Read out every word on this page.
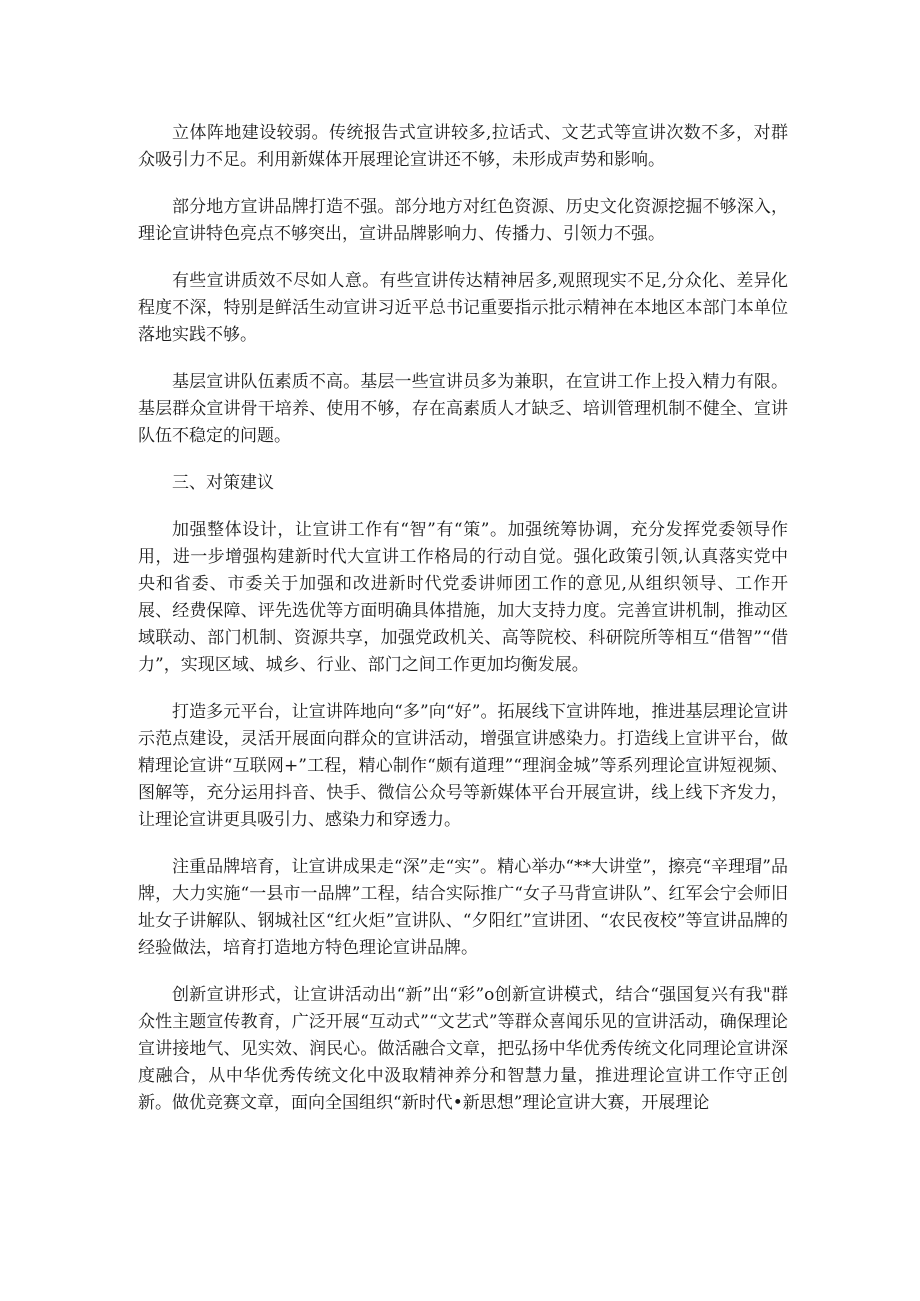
立体阵地建设较弱。传统报告式宣讲较多,拉话式、文艺式等宣讲次数不多，对群众吸引力不足。利用新媒体开展理论宣讲还不够，未形成声势和影响。

部分地方宣讲品牌打造不强。部分地方对红色资源、历史文化资源挖掘不够深入，理论宣讲特色亮点不够突出，宣讲品牌影响力、传播力、引领力不强。

有些宣讲质效不尽如人意。有些宣讲传达精神居多,观照现实不足,分众化、差异化程度不深，特别是鲜活生动宣讲习近平总书记重要指示批示精神在本地区本部门本单位落地实践不够。

基层宣讲队伍素质不高。基层一些宣讲员多为兼职，在宣讲工作上投入精力有限。基层群众宣讲骨干培养、使用不够，存在高素质人才缺乏、培训管理机制不健全、宣讲队伍不稳定的问题。

三、对策建议

加强整体设计，让宣讲工作有“智”有“策”。加强统筹协调，充分发挥党委领导作用，进一步增强构建新时代大宣讲工作格局的行动自觉。强化政策引领,认真落实党中央和省委、市委关于加强和改进新时代党委讲师团工作的意见,从组织领导、工作开展、经费保障、评先选优等方面明确具体措施，加大支持力度。完善宣讲机制，推动区域联动、部门机制、资源共享，加强党政机关、高等院校、科研院所等相互“借智”“借力”，实现区域、城乡、行业、部门之间工作更加均衡发展。

打造多元平台，让宣讲阵地向“多”向“好”。拓展线下宣讲阵地，推进基层理论宣讲示范点建设，灵活开展面向群众的宣讲活动，增强宣讲感染力。打造线上宣讲平台，做精理论宣讲“互联网+”工程，精心制作“颇有道理”“理润金城”等系列理论宣讲短视频、图解等，充分运用抖音、快手、微信公众号等新媒体平台开展宣讲，线上线下齐发力，让理论宣讲更具吸引力、感染力和穿透力。

注重品牌培育，让宣讲成果走“深”走“实”。精心举办“**大讲堂”，擦亮“辛理瑁”品牌，大力实施“一县市一品牌”工程，结合实际推广“女子马背宣讲队”、红军会宁会师旧址女子讲解队、钢城社区“红火炬”宣讲队、“夕阳红”宣讲团、“农民夜校”等宣讲品牌的经验做法，培育打造地方特色理论宣讲品牌。

创新宣讲形式，让宣讲活动出“新”出“彩”o创新宣讲模式，结合“强国复兴有我"群众性主题宣传教育，广泛开展“互动式”“文艺式”等群众喜闻乐见的宣讲活动，确保理论宣讲接地气、见实效、润民心。做活融合文章，把弘扬中华优秀传统文化同理论宣讲深度融合，从中华优秀传统文化中汲取精神养分和智慧力量，推进理论宣讲工作守正创新。做优竞赛文章，面向全国组织“新时代•新思想”理论宣讲大赛，开展理论
